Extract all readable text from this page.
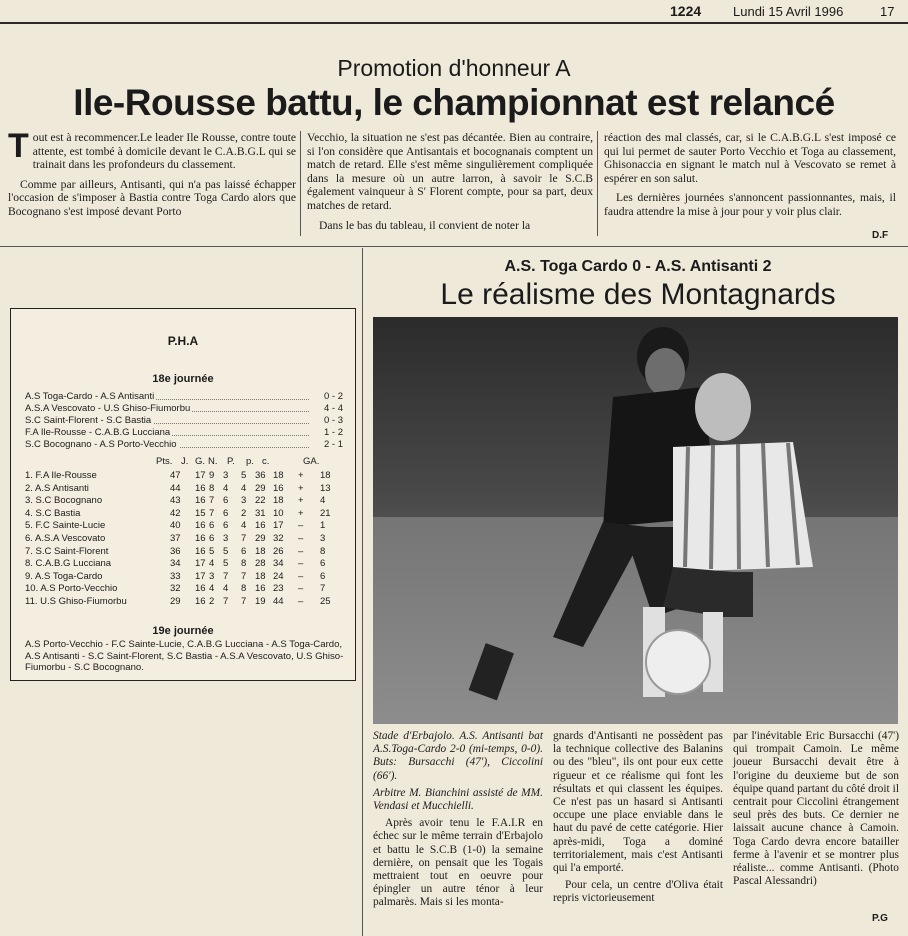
1224 Lundi 15 Avril 1996	17
Promotion d'honneur A
Ile-Rousse battu, le championnat est relancé

Tout est à recommencer.Le leader Ile Rousse, contre toute attente, est tombé à domicile devant le C.A.B.G.L qui se trainait dans les profondeurs du classement.

Comme par ailleurs, Antisanti, qui n'a pas laissé échapper l'occasion de s'imposer à Bastia contre Toga Cardo alors que Bocognano s'est imposé devant Porto

Vecchio, la situation ne s'est pas décantée. Bien au contraire, si l'on considère que Antisantais et bocognanais comptent un match de retard. Elle s'est même singulièrement compliquée dans la mesure où un autre larron, à savoir le S.C.B également vainqueur à S' Florent compte, pour sa part, deux matches de retard.

Dans le bas du tableau, il convient de noter la

réaction des mal classés, car, si le C.A.B.G.L s'est imposé ce qui lui permet de sauter Porto Vecchio et Toga au classement, Ghisonaccia en signant le match nul à Vescovato se remet à espérer en son salut.

Les dernières journées s'annoncent passionnantes, mais, il faudra attendre la mise à jour pour y voir plus clair.

D.F
P.H.A
18e journée
A.S Toga-Cardo - A.S Antisanti	0 - 2
A.S.A Vescovato - U.S Ghiso-Fiumorbu	4 - 4
S.C Saint-Florent - S.C Bastia	0 - 3
F.A Ile-Rousse - C.A.B.G Lucciana	1 - 2
S.C Bocognano - A.S Porto-Vecchio	2 - 1
Pts. J. G. N. P. p. c.	GA.
1. F.A Ile-Rousse	47 17 9 3 5 36 18 + 18
2. A.S Antisanti	44 16 8 4 4 29 16 + 13
3. S.C Bocognano	43 16 7 6 3 22 18 + 4
4. S.C Bastia	42 15 7 6 2 31 10 + 21
5. F.C Sainte-Lucie	40 16 6 6 4 16 17 – 1
6. A.S.A Vescovato	37 16 6 3 7 29 32 – 3
7. S.C Saint-Florent	36 16 5 5 6 18 26 – 8
8. C.A.B.G Lucciana	34 17 4 5 8 28 34 – 6
9. A.S Toga-Cardo	33 17 3 7 7 18 24 – 6
10. A.S Porto-Vecchio	32 16 4 4 8 16 23 – 7
11. U.S Ghiso-Fiumorbu	29 16 2 7 7 19 44 – 25
19e journée
A.S Porto-Vecchio - F.C Sainte-Lucie, C.A.B.G Lucciana - A.S Toga-Cardo, A.S Antisanti - S.C Saint-Florent, S.C Bastia - A.S.A Vescovato, U.S Ghiso-Fiumorbu - S.C Bocognano.
A.S. Toga Cardo 0 - A.S. Antisanti 2
Le réalisme des Montagnards

Stade d'Erbajolo. A.S. Antisanti bat A.S.Toga-Cardo 2-0 (mi-temps, 0-0). Buts: Bursacchi (47'), Ciccolini (66').

Arbitre M. Bianchini assisté de MM. Vendasi et Mucchielli.

Après avoir tenu le F.A.I.R en échec sur le même terrain d'Erbajolo et battu le S.C.B (1-0) la semaine dernière, on pensait que les Togais mettraient tout en oeuvre pour épingler un autre ténor à leur palmarès. Mais si les monta-

gnards d'Antisanti ne possèdent pas la technique collective des Balanins ou des "bleu", ils ont pour eux cette rigueur et ce réalisme qui font les résultats et qui classent les équipes. Ce n'est pas un hasard si Antisanti occupe une place enviable dans le haut du pavé de cette catégorie. Hier après-midi, Toga a dominé territorialement, mais c'est Antisanti qui l'a emporté.

Pour cela, un centre d'Oliva était repris victorieusement

par l'inévitable Eric Bursacchi (47') qui trompait Camoin. Le même joueur Bursacchi devait être à l'origine du deuxieme but de son équipe quand partant du côté droit il centrait pour Ciccolini étrangement seul près des buts. Ce dernier ne laissait aucune chance à Camoin. Toga Cardo devra encore batailler ferme à l'avenir et se montrer plus réaliste... comme Antisanti. (Photo Pascal Alessandri)

P.G
